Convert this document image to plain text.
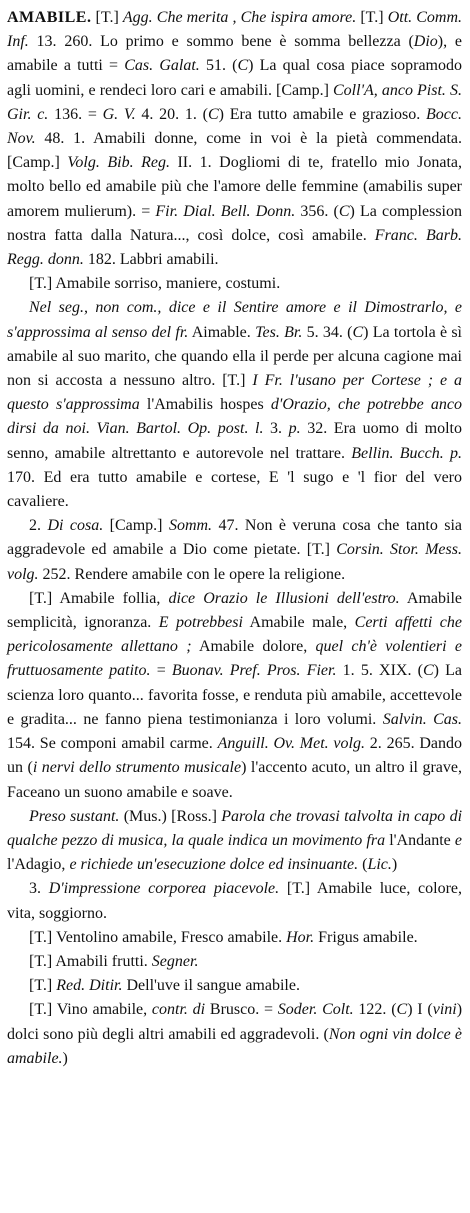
AMABILE. [T.] Agg. Che merita , Che ispira amore. [T.] Ott. Comm. Inf. 13. 260. Lo primo e sommo bene è somma bellezza (Dio), e amabile a tutti = Cas. Galat. 51. (C) La qual cosa piace sopramodo agli uomini, e rendeci loro cari e amabili. [Camp.] Coll'A, anco Pist. S. Gir. c. 136. = G. V. 4. 20. 1. (C) Era tutto amabile e grazioso. Bocc. Nov. 48. 1. Amabili donne, come in voi è la pietà commendata. [Camp.] Volg. Bib. Reg. II. 1. Dogliomi di te, fratello mio Jonata, molto bello ed amabile più che l'amore delle femmine (amabilis super amorem mulierum). = Fir. Dial. Bell. Donn. 356. (C) La complession nostra fatta dalla Natura..., così dolce, così amabile. Franc. Barb. Regg. donn. 182. Labbri amabili.

[T.] Amabile sorriso, maniere, costumi.

Nel seg., non com., dice e il Sentire amore e il Dimostrarlo, e s'approssima al senso del fr. Aimable. Tes. Br. 5. 34. (C) La tortola è sì amabile al suo marito, che quando ella il perde per alcuna cagione mai non si accosta a nessuno altro. [T.] I Fr. l'usano per Cortese ; e a questo s'approssima l'Amabilis hospes d'Orazio, che potrebbe anco dirsi da noi. Vian. Bartol. Op. post. l. 3. p. 32. Era uomo di molto senno, amabile altrettanto e autorevole nel trattare. Bellin. Bucch. p. 170. Ed era tutto amabile e cortese, E 'l sugo e 'l fior del vero cavaliere.

2. Di cosa. [Camp.] Somm. 47. Non è veruna cosa che tanto sia aggradevole ed amabile a Dio come pietate. [T.] Corsin. Stor. Mess. volg. 252. Rendere amabile con le opere la religione.

[T.] Amabile follia, dice Orazio le Illusioni dell'estro. Amabile semplicità, ignoranza. E potrebbesi Amabile male, Certi affetti che pericolosamente allettano ; Amabile dolore, quel ch'è volentieri e fruttuosamente patito. = Buonav. Pref. Pros. Fier. 1. 5. XIX. (C) La scienza loro quanto... favorita fosse, e renduta più amabile, accettevole e gradita... ne fanno piena testimonianza i loro volumi. Salvin. Cas. 154. Se componi amabil carme. Anguill. Ov. Met. volg. 2. 265. Dando un (i nervi dello strumento musicale) l'accento acuto, un altro il grave, Faceano un suono amabile e soave.

Preso sustant. (Mus.) [Ross.] Parola che trovasi talvolta in capo di qualche pezzo di musica, la quale indica un movimento fra l'Andante e l'Adagio, e richiede un'esecuzione dolce ed insinuante. (Lic.)

3. D'impressione corporea piacevole. [T.] Amabile luce, colore, vita, soggiorno.

[T.] Ventolino amabile, Fresco amabile. Hor. Frigus amabile.

[T.] Amabili frutti. Segner.

[T.] Red. Ditir. Dell'uve il sangue amabile.

[T.] Vino amabile, contr. di Brusco. = Soder. Colt. 122. (C) I (vini) dolci sono più degli altri amabili ed aggradevoli. (Non ogni vin dolce è amabile.)
